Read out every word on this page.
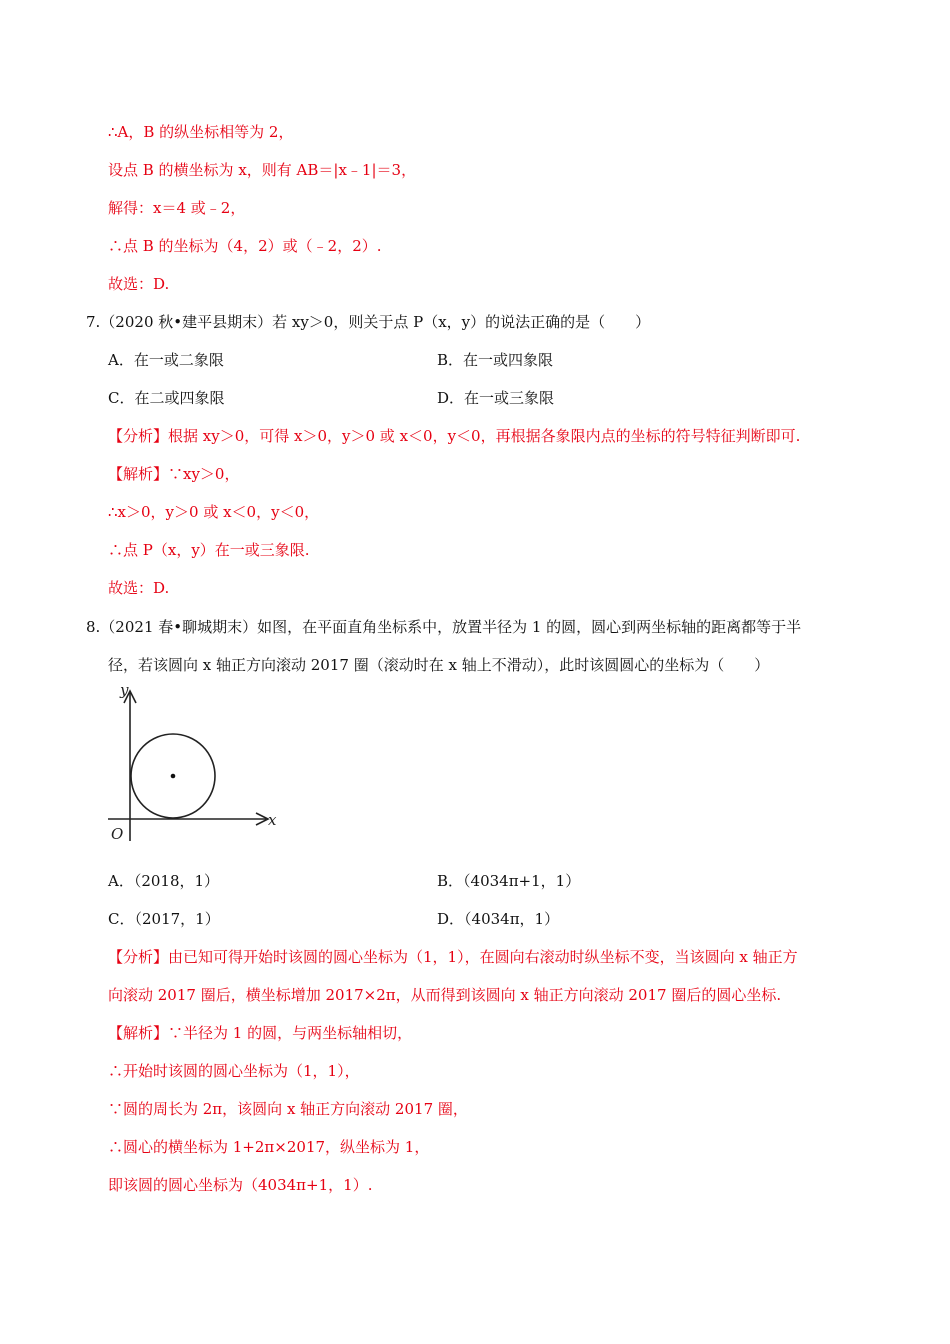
∴A，B 的纵坐标相等为 2，
设点 B 的横坐标为 x，则有 AB＝|x﹣1|＝3，
解得：x＝4 或﹣2，
∴点 B 的坐标为（4，2）或（﹣2，2）.
故选：D.
7.（2020 秋•建平县期末）若 xy＞0，则关于点 P（x，y）的说法正确的是（　　）
A．在一或二象限	B．在一或四象限
C．在二或四象限	D．在一或三象限
【分析】根据 xy＞0，可得 x＞0，y＞0 或 x＜0，y＜0，再根据各象限内点的坐标的符号特征判断即可.
【解析】∵xy＞0，
∴x＞0，y＞0 或 x＜0，y＜0，
∴点 P（x，y）在一或三象限.
故选：D.
8.（2021 春•聊城期末）如图，在平面直角坐标系中，放置半径为 1 的圆，圆心到两坐标轴的距离都等于半
径，若该圆向 x 轴正方向滚动 2017 圈（滚动时在 x 轴上不滑动），此时该圆圆心的坐标为（　　）
y
x
O
A．（2018，1）	B．（4034π+1，1）
C．（2017，1）	D．（4034π，1）
【分析】由已知可得开始时该圆的圆心坐标为（1，1），在圆向右滚动时纵坐标不变，当该圆向 x 轴正方
向滚动 2017 圈后，横坐标增加 2017×2π，从而得到该圆向 x 轴正方向滚动 2017 圈后的圆心坐标.
【解析】∵半径为 1 的圆，与两坐标轴相切，
∴开始时该圆的圆心坐标为（1，1），
∵圆的周长为 2π，该圆向 x 轴正方向滚动 2017 圈，
∴圆心的横坐标为 1+2π×2017，纵坐标为 1，
即该圆的圆心坐标为（4034π+1，1）.
